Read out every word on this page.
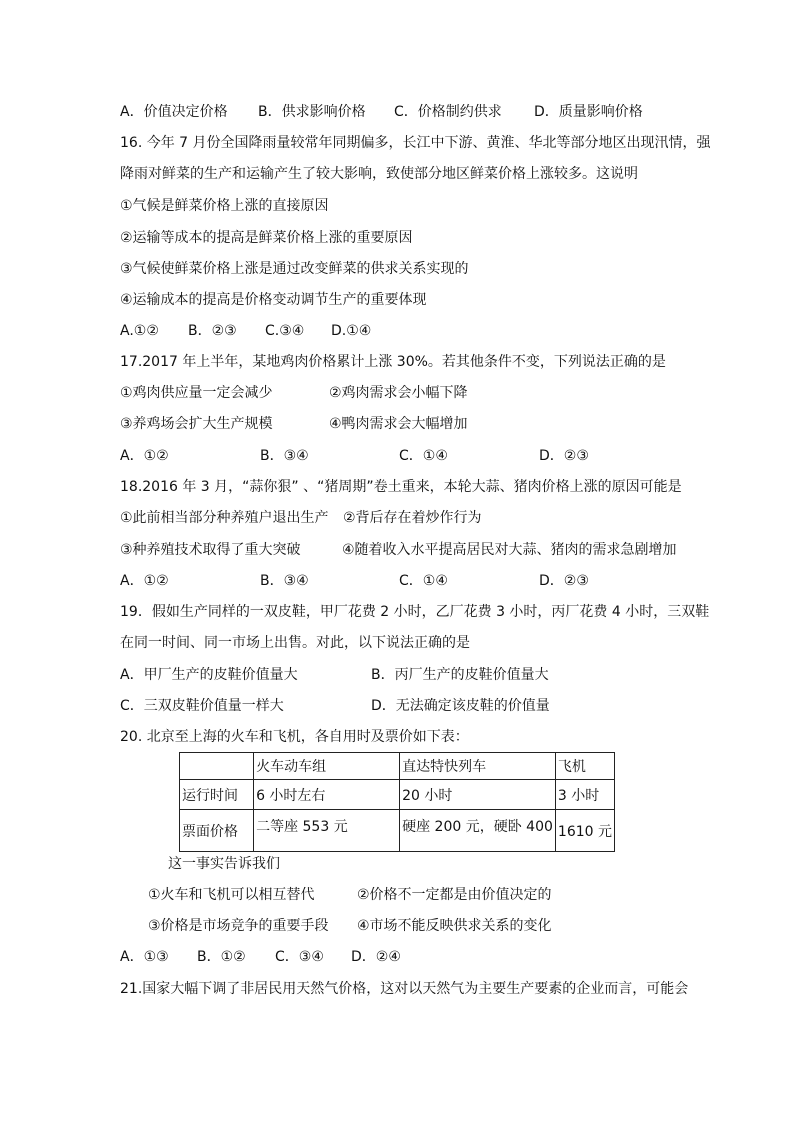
A．价值决定价格 B．供求影响价格 C．价格制约供求 D．质量影响价格
16. 今年 7 月份全国降雨量较常年同期偏多，长江中下游、黄淮、华北等部分地区出现汛情，强
降雨对鲜菜的生产和运输产生了较大影响，致使部分地区鲜菜价格上涨较多。这说明
①气候是鲜菜价格上涨的直接原因
②运输等成本的提高是鲜菜价格上涨的重要原因
③气候使鲜菜价格上涨是通过改变鲜菜的供求关系实现的
④运输成本的提高是价格变动调节生产的重要体现
A.①② B．②③ C.③④ D.①④
17.2017 年上半年，某地鸡肉价格累计上涨 30%。若其他条件不变，下列说法正确的是
①鸡肉供应量一定会减少	②鸡肉需求会小幅下降
③养鸡场会扩大生产规模	④鸭肉需求会大幅增加
A．①②	B．③④	C．①④	D．②③
18.2016 年 3 月，“蒜你狠” 、“猪周期”卷土重来，本轮大蒜、猪肉价格上涨的原因可能是
①此前相当部分种养殖户退出生产 ②背后存在着炒作行为
③种养殖技术取得了重大突破	④随着收入水平提高居民对大蒜、猪肉的需求急剧增加
A．①②	B．③④	C．①④	D．②③
19．假如生产同样的一双皮鞋，甲厂花费 2 小时，乙厂花费 3 小时，丙厂花费 4 小时，三双鞋
在同一时间、同一市场上出售。对此，以下说法正确的是
A．甲厂生产的皮鞋价值量大	B．丙厂生产的皮鞋价值量大
C．三双皮鞋价值量一样大	D．无法确定该皮鞋的价值量
20. 北京至上海的火车和飞机，各自用时及票价如下表：
	火车动车组	直达特快列车	飞机
运行时间	6 小时左右	20 小时	3 小时
票面价格	二等座 553 元	硬座 200 元，硬卧 400	1610 元
这一事实告诉我们
①火车和飞机可以相互替代	②价格不一定都是由价值决定的
③价格是市场竞争的重要手段 ④市场不能反映供求关系的变化
A．①③ B．①② C．③④ D．②④
21.国家大幅下调了非居民用天然气价格，这对以天然气为主要生产要素的企业而言，可能会
